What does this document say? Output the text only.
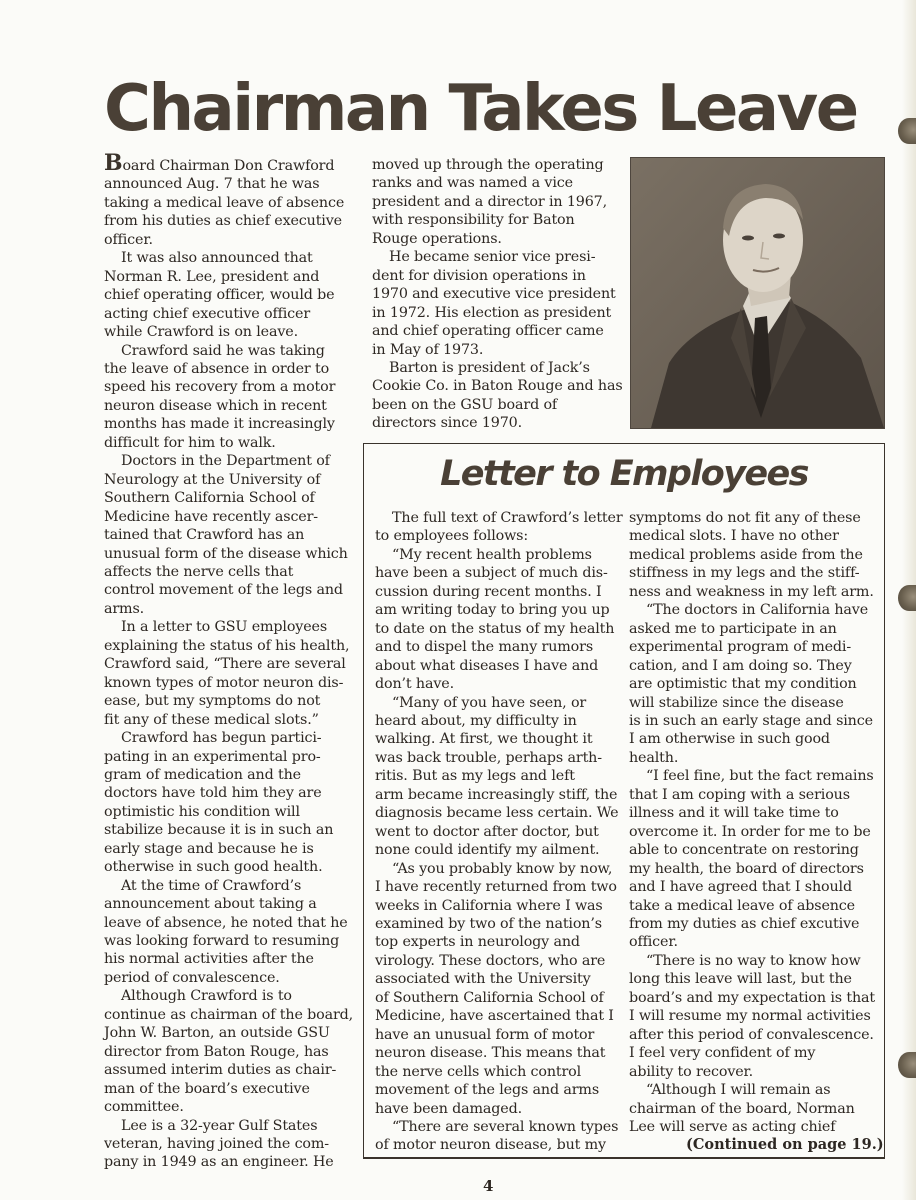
Chairman Takes Leave
Board Chairman Don Crawford
announced Aug. 7 that he was
taking a medical leave of absence
from his duties as chief executive
officer.
It was also announced that
Norman R. Lee, president and
chief operating officer, would be
acting chief executive officer
while Crawford is on leave.
Crawford said he was taking
the leave of absence in order to
speed his recovery from a motor
neuron disease which in recent
months has made it increasingly
difficult for him to walk.
Doctors in the Department of
Neurology at the University of
Southern California School of
Medicine have recently ascer-
tained that Crawford has an
unusual form of the disease which
affects the nerve cells that
control movement of the legs and
arms.
In a letter to GSU employees
explaining the status of his health,
Crawford said, “There are several
known types of motor neuron dis-
ease, but my symptoms do not
fit any of these medical slots.”
Crawford has begun partici-
pating in an experimental pro-
gram of medication and the
doctors have told him they are
optimistic his condition will
stabilize because it is in such an
early stage and because he is
otherwise in such good health.
At the time of Crawford’s
announcement about taking a
leave of absence, he noted that he
was looking forward to resuming
his normal activities after the
period of convalescence.
Although Crawford is to
continue as chairman of the board,
John W. Barton, an outside GSU
director from Baton Rouge, has
assumed interim duties as chair-
man of the board’s executive
committee.
Lee is a 32-year Gulf States
veteran, having joined the com-
pany in 1949 as an engineer. He
moved up through the operating
ranks and was named a vice
president and a director in 1967,
with responsibility for Baton
Rouge operations.
He became senior vice presi-
dent for division operations in
1970 and executive vice president
in 1972. His election as president
and chief operating officer came
in May of 1973.
Barton is president of Jack’s
Cookie Co. in Baton Rouge and has
been on the GSU board of
directors since 1970.
Letter to Employees
The full text of Crawford’s letter
to employees follows:
“My recent health problems
have been a subject of much dis-
cussion during recent months. I
am writing today to bring you up
to date on the status of my health
and to dispel the many rumors
about what diseases I have and
don’t have.
“Many of you have seen, or
heard about, my difficulty in
walking. At first, we thought it
was back trouble, perhaps arth-
ritis. But as my legs and left
arm became increasingly stiff, the
diagnosis became less certain. We
went to doctor after doctor, but
none could identify my ailment.
“As you probably know by now,
I have recently returned from two
weeks in California where I was
examined by two of the nation’s
top experts in neurology and
virology. These doctors, who are
associated with the University
of Southern California School of
Medicine, have ascertained that I
have an unusual form of motor
neuron disease. This means that
the nerve cells which control
movement of the legs and arms
have been damaged.
“There are several known types
of motor neuron disease, but my
symptoms do not fit any of these
medical slots. I have no other
medical problems aside from the
stiffness in my legs and the stiff-
ness and weakness in my left arm.
“The doctors in California have
asked me to participate in an
experimental program of medi-
cation, and I am doing so. They
are optimistic that my condition
will stabilize since the disease
is in such an early stage and since
I am otherwise in such good
health.
“I feel fine, but the fact remains
that I am coping with a serious
illness and it will take time to
overcome it. In order for me to be
able to concentrate on restoring
my health, the board of directors
and I have agreed that I should
take a medical leave of absence
from my duties as chief excutive
officer.
“There is no way to know how
long this leave will last, but the
board’s and my expectation is that
I will resume my normal activities
after this period of convalescence.
I feel very confident of my
ability to recover.
“Although I will remain as
chairman of the board, Norman
Lee will serve as acting chief
(Continued on page 19.)
4
